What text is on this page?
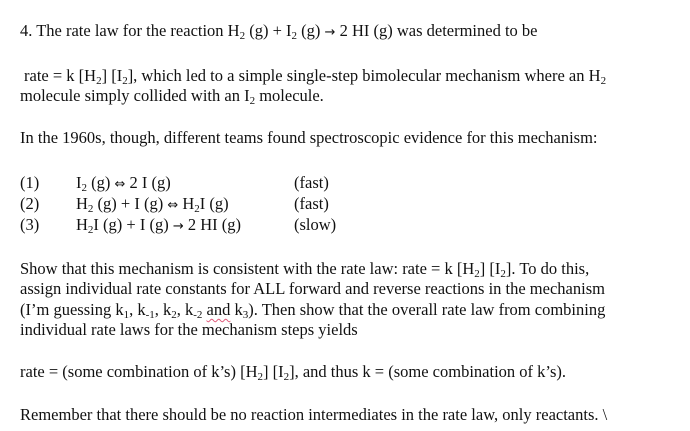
4. The rate law for the reaction $H_2$ $(g) + I_2$ (g) → 2 HI (g) was determined to be

rate = k $[H_2]$ $[I_2]$, which led to a simple single-step bimolecular mechanism where an $H_2$

molecule simply collided with an $I_2$ molecule.

In the 1960s, though, different teams found spectroscopic evidence for this mechanism:

(1) $I_2$ (g) ⇔ 2 I (g)	(fast)
(2) $H_2$ (g) + I (g) ⇔ $H_2I$ (g)	(fast)
(3) $H_2I$ (g) + I (g) → 2 HI (g)	(slow)

Show that this mechanism is consistent with the rate law: rate = k $[H_2]$ $[I_2]$. To do this,

assign individual rate constants for ALL forward and reverse reactions in the mechanism

(I’m guessing $k_1$, $k_{-1}$, $k_2$, $k_{-2}$ and $k_3$). Then show that the overall rate law from combining

individual rate laws for the mechanism steps yields

rate = (some combination of k’s) $[H_2]$ $[I_2]$, and thus k = (some combination of k’s).

Remember that there should be no reaction intermediates in the rate law, only reactants. \
